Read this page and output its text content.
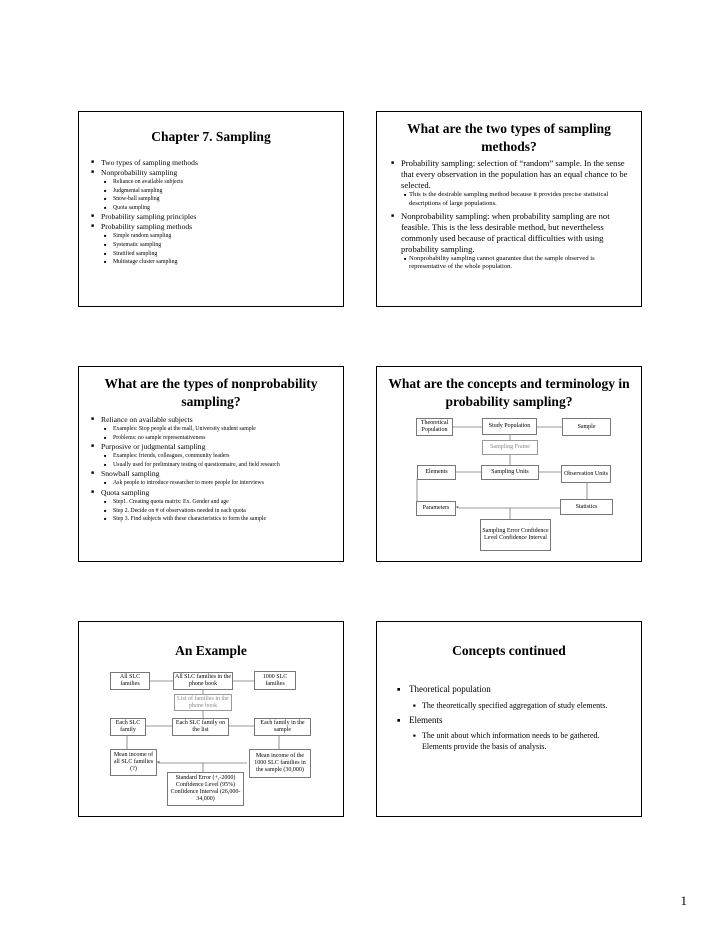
Chapter 7. Sampling
■ Two types of sampling methods
■ Nonprobability sampling
■ Reliance on available subjects
■ Judgmental sampling
■ Snow-ball sampling
■ Quota sampling
■ Probability sampling principles
■ Probability sampling methods
■ Simple random sampling
■ Systematic sampling
■ Stratified sampling
■ Multistage cluster sampling
What are the two types of sampling methods?
■ Probability sampling: selection of “random” sample. In the sense that every observation in the population has an equal chance to be selected.
■ This is the desirable sampling method because it provides precise statistical descriptions of large populations.
■ Nonprobability sampling: when probability sampling are not feasible. This is the less desirable method, but nevertheless commonly used because of practical difficulties with using probability sampling.
■ Nonprobability sampling cannot guarantee that the sample observed is representative of the whole population.
What are the types of nonprobability sampling?
■ Reliance on available subjects
■ Examples: Stop people at the mall, University student sample
■ Problems: no sample representativeness
■ Purposive or judgmental sampling
■ Examples: friends, colleagues, community leaders
■ Usually used for preliminary testing of questionnaire, and field research
■ Snowball sampling
■ Ask people to introduce researcher to more people for interviews
■ Quota sampling
■ Step1. Creating quota matrix: Ex. Gender and age
■ Step 2. Decide on # of observations needed in each quota
■ Step 3. Find subjects with these characteristics to form the sample
What are the concepts and terminology in probability sampling?
*
Theoretical Population
Study Population	Sample
Sampling Frame
Elements	Sampling Units	Observation Units
Parameters	Statistics
Sampling Error Confidence Level Confidence Interval
An Example
*
All SLC families
All SLC families in the phone book
1000 SLC families
List of families in the phone book
Each SLC family
Each SLC family on the list
Each family in the sample
Mean income of all SLC families (?)
Mean income of the 1000 SLC families in the sample (30,000)
Standard Error (+,-2000) Confidence Level (95%) Confidence Interval (26,000-34,000)
Concepts continued
■ Theoretical population
■ The theoretically specified aggregation of study elements.
■ Elements
■ The unit about which information needs to be gathered. Elements provide the basis of analysis.
1
